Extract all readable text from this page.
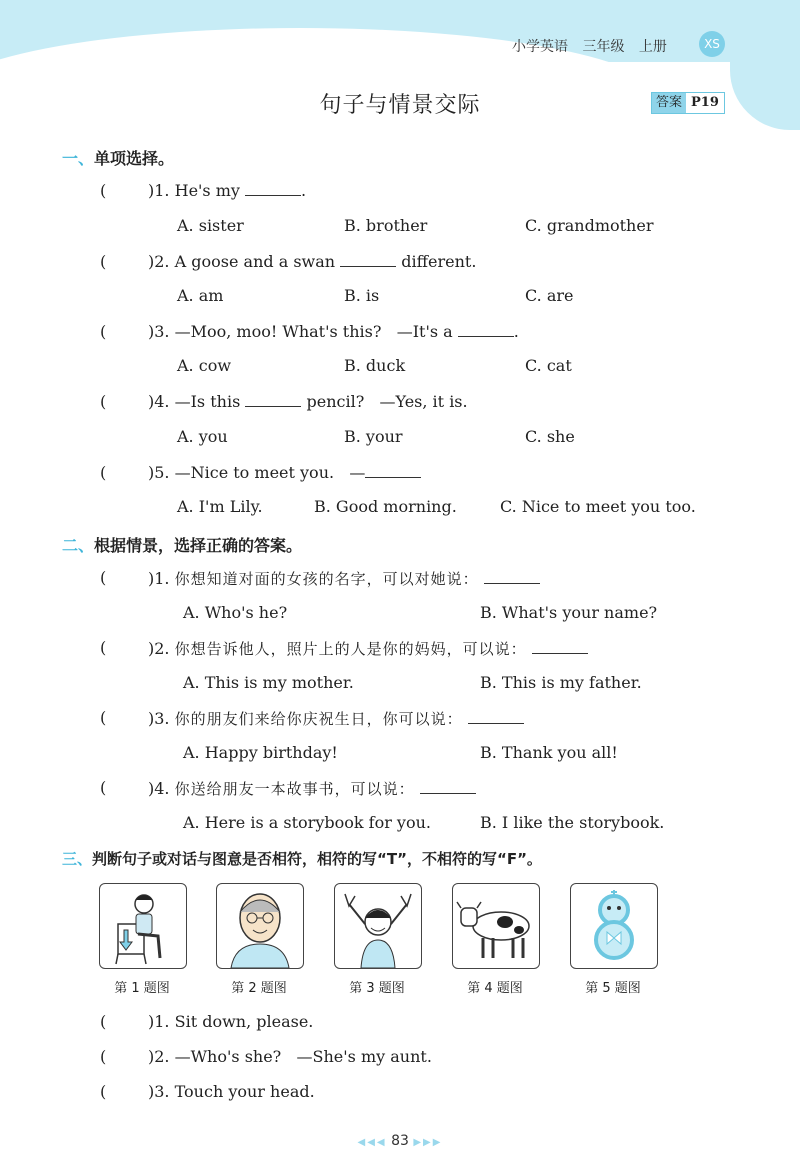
小学英语 三年级 上册	XS
句子与情景交际	答案 P19
一、单项选择。
(	)1. He's my	.
A. sister	B. brother	C. grandmother
(	)2. A goose and a swan	different.
A. am	B. is	C. are
(	)3. —Moo, moo! What's this?   —It's a	.
A. cow	B. duck	C. cat
(	)4. —Is this	pencil?   —Yes, it is.
A. you	B. your	C. she
(	)5. —Nice to meet you.   —
A. I'm Lily.	B. Good morning.	C. Nice to meet you too.
二、根据情景，选择正确的答案。
(	)1. 你想知道对面的女孩的名字，可以对她说：
A. Who's he?	B. What's your name?
(	)2. 你想告诉他人，照片上的人是你的妈妈，可以说：
A. This is my mother.	B. This is my father.
(	)3. 你的朋友们来给你庆祝生日，你可以说：
A. Happy birthday!	B. Thank you all!
(	)4. 你送给朋友一本故事书，可以说：
A. Here is a storybook for you.	B. I like the storybook.
三、判断句子或对话与图意是否相符，相符的写“T”，不相符的写“F”。
第 1 题图	第 2 题图	第 3 题图	第 4 题图	第 5 题图
(	)1. Sit down, please.
(	)2. —Who's she?   —She's my aunt.
(	)3. Touch your head.
◀◀◀ 83 ▶▶▶
